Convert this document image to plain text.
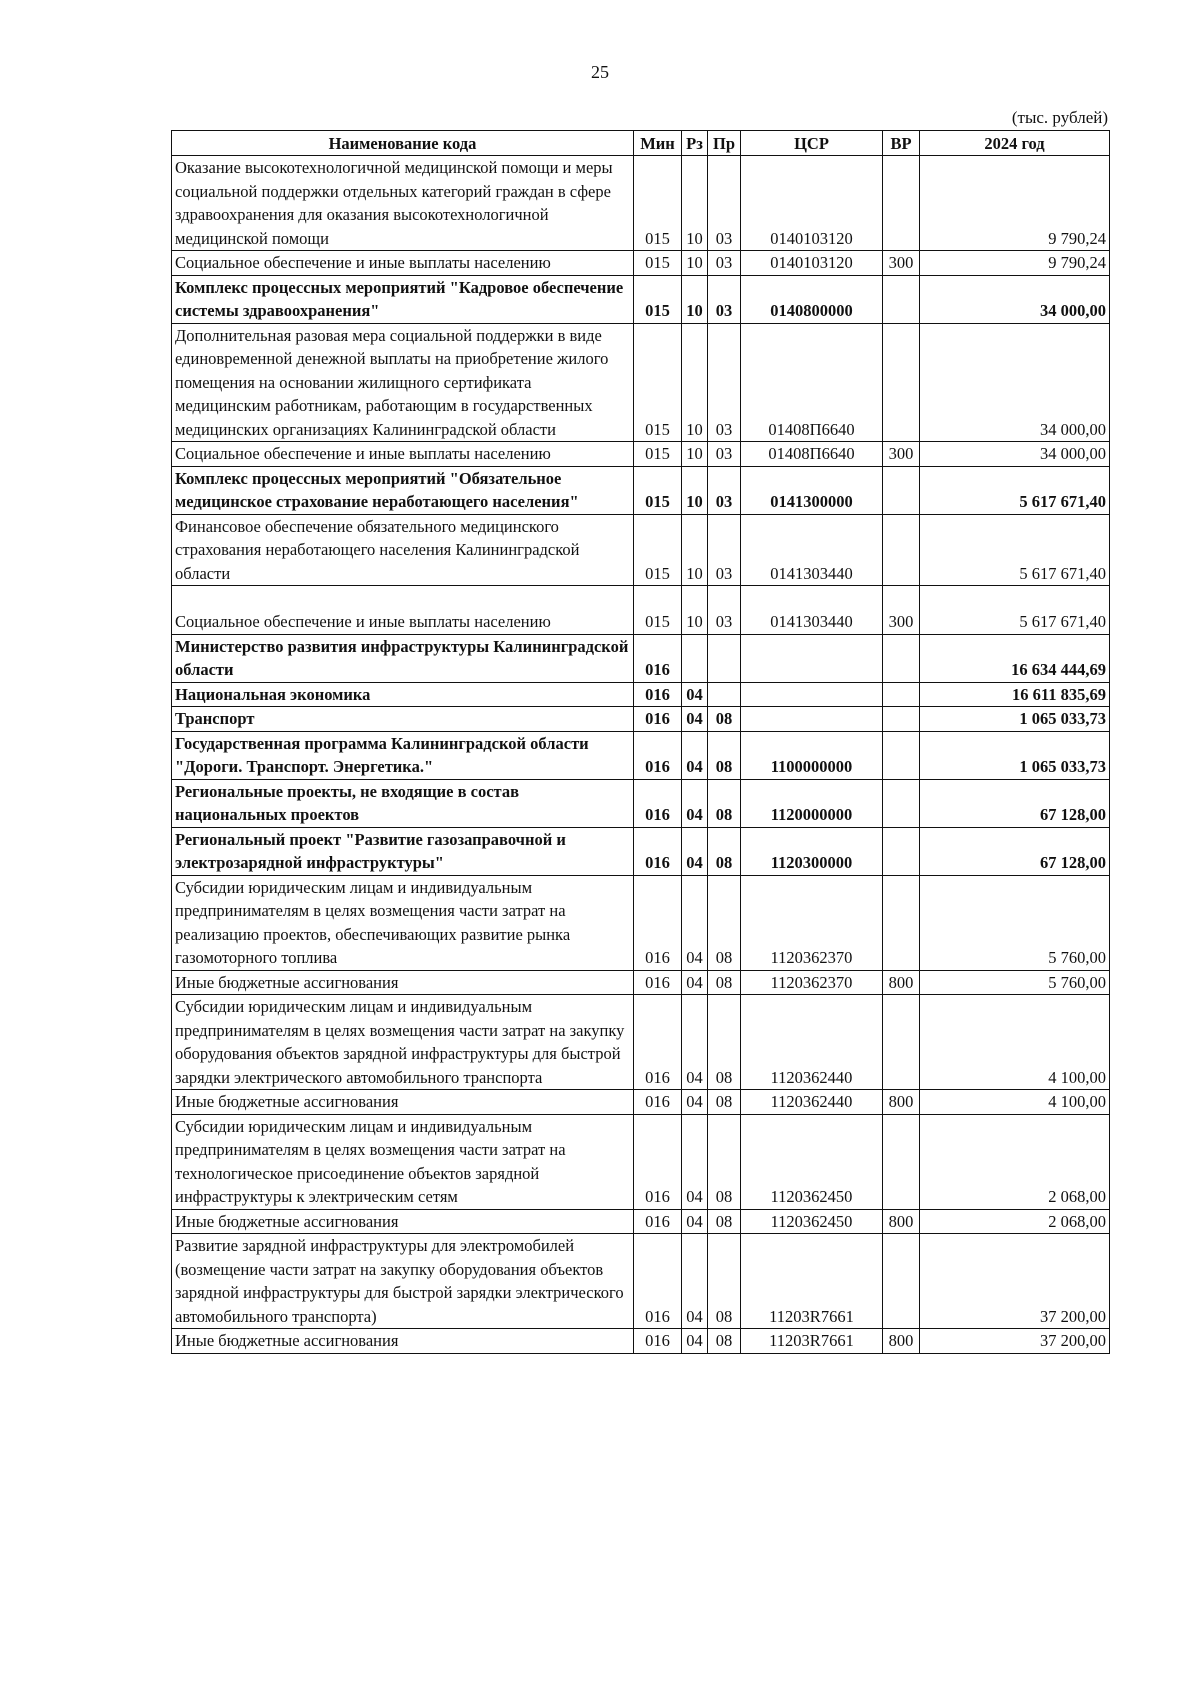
25
(тыс. рублей)
Наименование кода	Мин	Рз	Пр	ЦСР	ВР	2024 год
Оказание высокотехнологичной медицинской помощи и меры социальной поддержки отдельных категорий граждан в сфере здравоохранения для оказания высокотехнологичной медицинской помощи	015	10	03	0140103120		9 790,24
Социальное обеспечение и иные выплаты населению	015	10	03	0140103120	300	9 790,24
Комплекс процессных мероприятий "Кадровое обеспечение системы здравоохранения"	015	10	03	0140800000		34 000,00
Дополнительная разовая мера социальной поддержки в виде единовременной денежной выплаты на приобретение жилого помещения на основании жилищного сертификата медицинским работникам, работающим в государственных медицинских организациях Калининградской области	015	10	03	01408П6640		34 000,00
Социальное обеспечение и иные выплаты населению	015	10	03	01408П6640	300	34 000,00
Комплекс процессных мероприятий "Обязательное медицинское страхование неработающего населения"	015	10	03	0141300000		5 617 671,40
Финансовое обеспечение обязательного медицинского страхования неработающего населения Калининградской области	015	10	03	0141303440		5 617 671,40
Социальное обеспечение и иные выплаты населению	015	10	03	0141303440	300	5 617 671,40
Министерство развития инфраструктуры Калининградской области	016					16 634 444,69
Национальная экономика	016	04				16 611 835,69
Транспорт	016	04	08			1 065 033,73
Государственная программа Калининградской области "Дороги. Транспорт. Энергетика."	016	04	08	1100000000		1 065 033,73
Региональные проекты, не входящие в состав национальных проектов	016	04	08	1120000000		67 128,00
Региональный проект "Развитие газозаправочной и электрозарядной инфраструктуры"	016	04	08	1120300000		67 128,00
Субсидии юридическим лицам и индивидуальным предпринимателям в целях возмещения части затрат на реализацию проектов, обеспечивающих развитие рынка газомоторного топлива	016	04	08	1120362370		5 760,00
Иные бюджетные ассигнования	016	04	08	1120362370	800	5 760,00
Субсидии юридическим лицам и индивидуальным предпринимателям в целях возмещения части затрат на закупку оборудования объектов зарядной инфраструктуры для быстрой зарядки электрического автомобильного транспорта	016	04	08	1120362440		4 100,00
Иные бюджетные ассигнования	016	04	08	1120362440	800	4 100,00
Субсидии юридическим лицам и индивидуальным предпринимателям в целях возмещения части затрат на технологическое присоединение объектов зарядной инфраструктуры к электрическим сетям	016	04	08	1120362450		2 068,00
Иные бюджетные ассигнования	016	04	08	1120362450	800	2 068,00
Развитие зарядной инфраструктуры для электромобилей (возмещение части затрат на закупку оборудования объектов зарядной инфраструктуры для быстрой зарядки электрического автомобильного транспорта)	016	04	08	11203R7661		37 200,00
Иные бюджетные ассигнования	016	04	08	11203R7661	800	37 200,00
